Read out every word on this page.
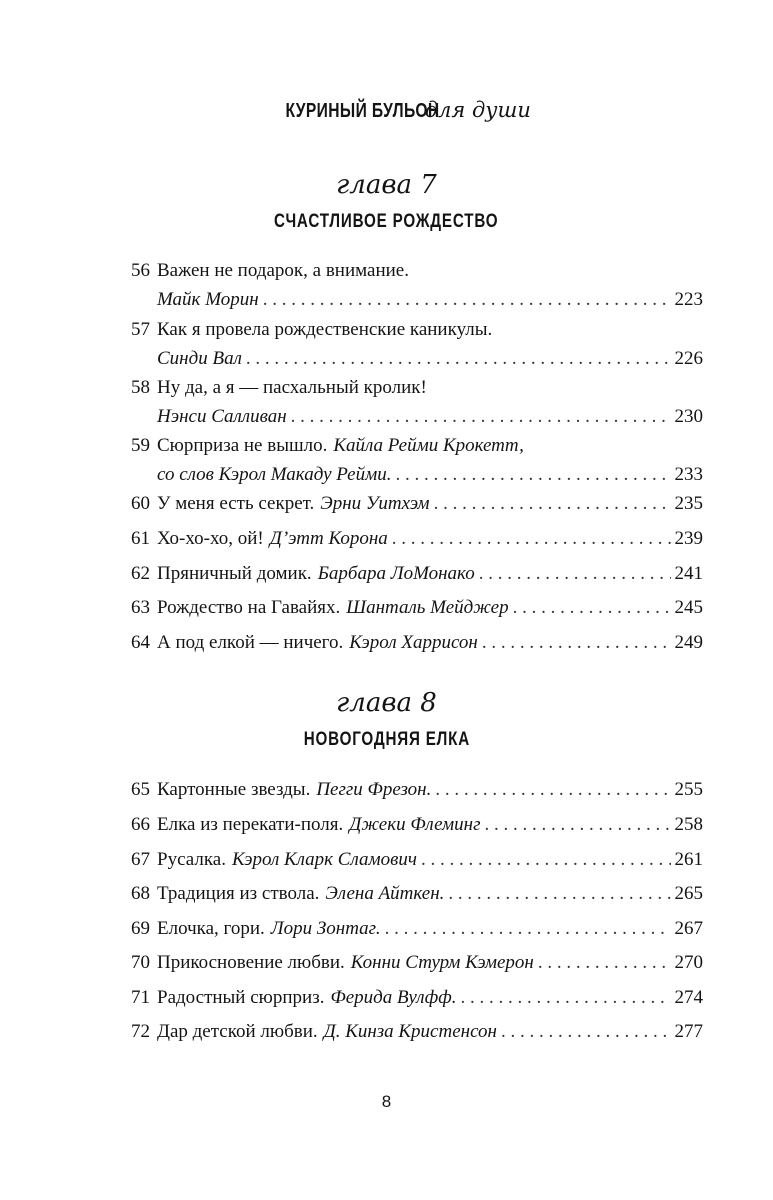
КУРИНЫЙ БУЛЬОН для души
глава 7
СЧАСТЛИВОЕ РОЖДЕСТВО
56 Важен не подарок, а внимание.
Майк Морин . . .	223
57 Как я провела рождественские каникулы.
Синди Вал . . .	226
58 Ну да, а я — пасхальный кролик!
Нэнси Салливан . . .	230
59 Сюрприза не вышло. Кайла Рейми Крокетт,
со слов Кэрол Макаду Рейми. . . .	233
60 У меня есть секрет. Эрни Уитхэм . . .	235
61 Хо-хо-хо, ой! Д’этт Корона . . .	239
62 Пряничный домик. Барбара ЛоМонако . . .	241
63 Рождество на Гавайях. Шанталь Мейджер . . .	245
64 А под елкой — ничего. Кэрол Харрисон . . .	249
глава 8
НОВОГОДНЯЯ ЕЛКА
65 Картонные звезды. Пегги Фрезон. . . .	255
66 Елка из перекати-поля. Джеки Флеминг . . .	258
67 Русалка. Кэрол Кларк Сламович . . .	261
68 Традиция из ствола. Элена Айткен. . . .	265
69 Елочка, гори. Лори Зонтаг. . . .	267
70 Прикосновение любви. Конни Стурм Кэмерон . . .	270
71 Радостный сюрприз. Ферида Вулфф. . . .	274
72 Дар детской любви. Д. Кинза Кристенсон . . .	277
8
